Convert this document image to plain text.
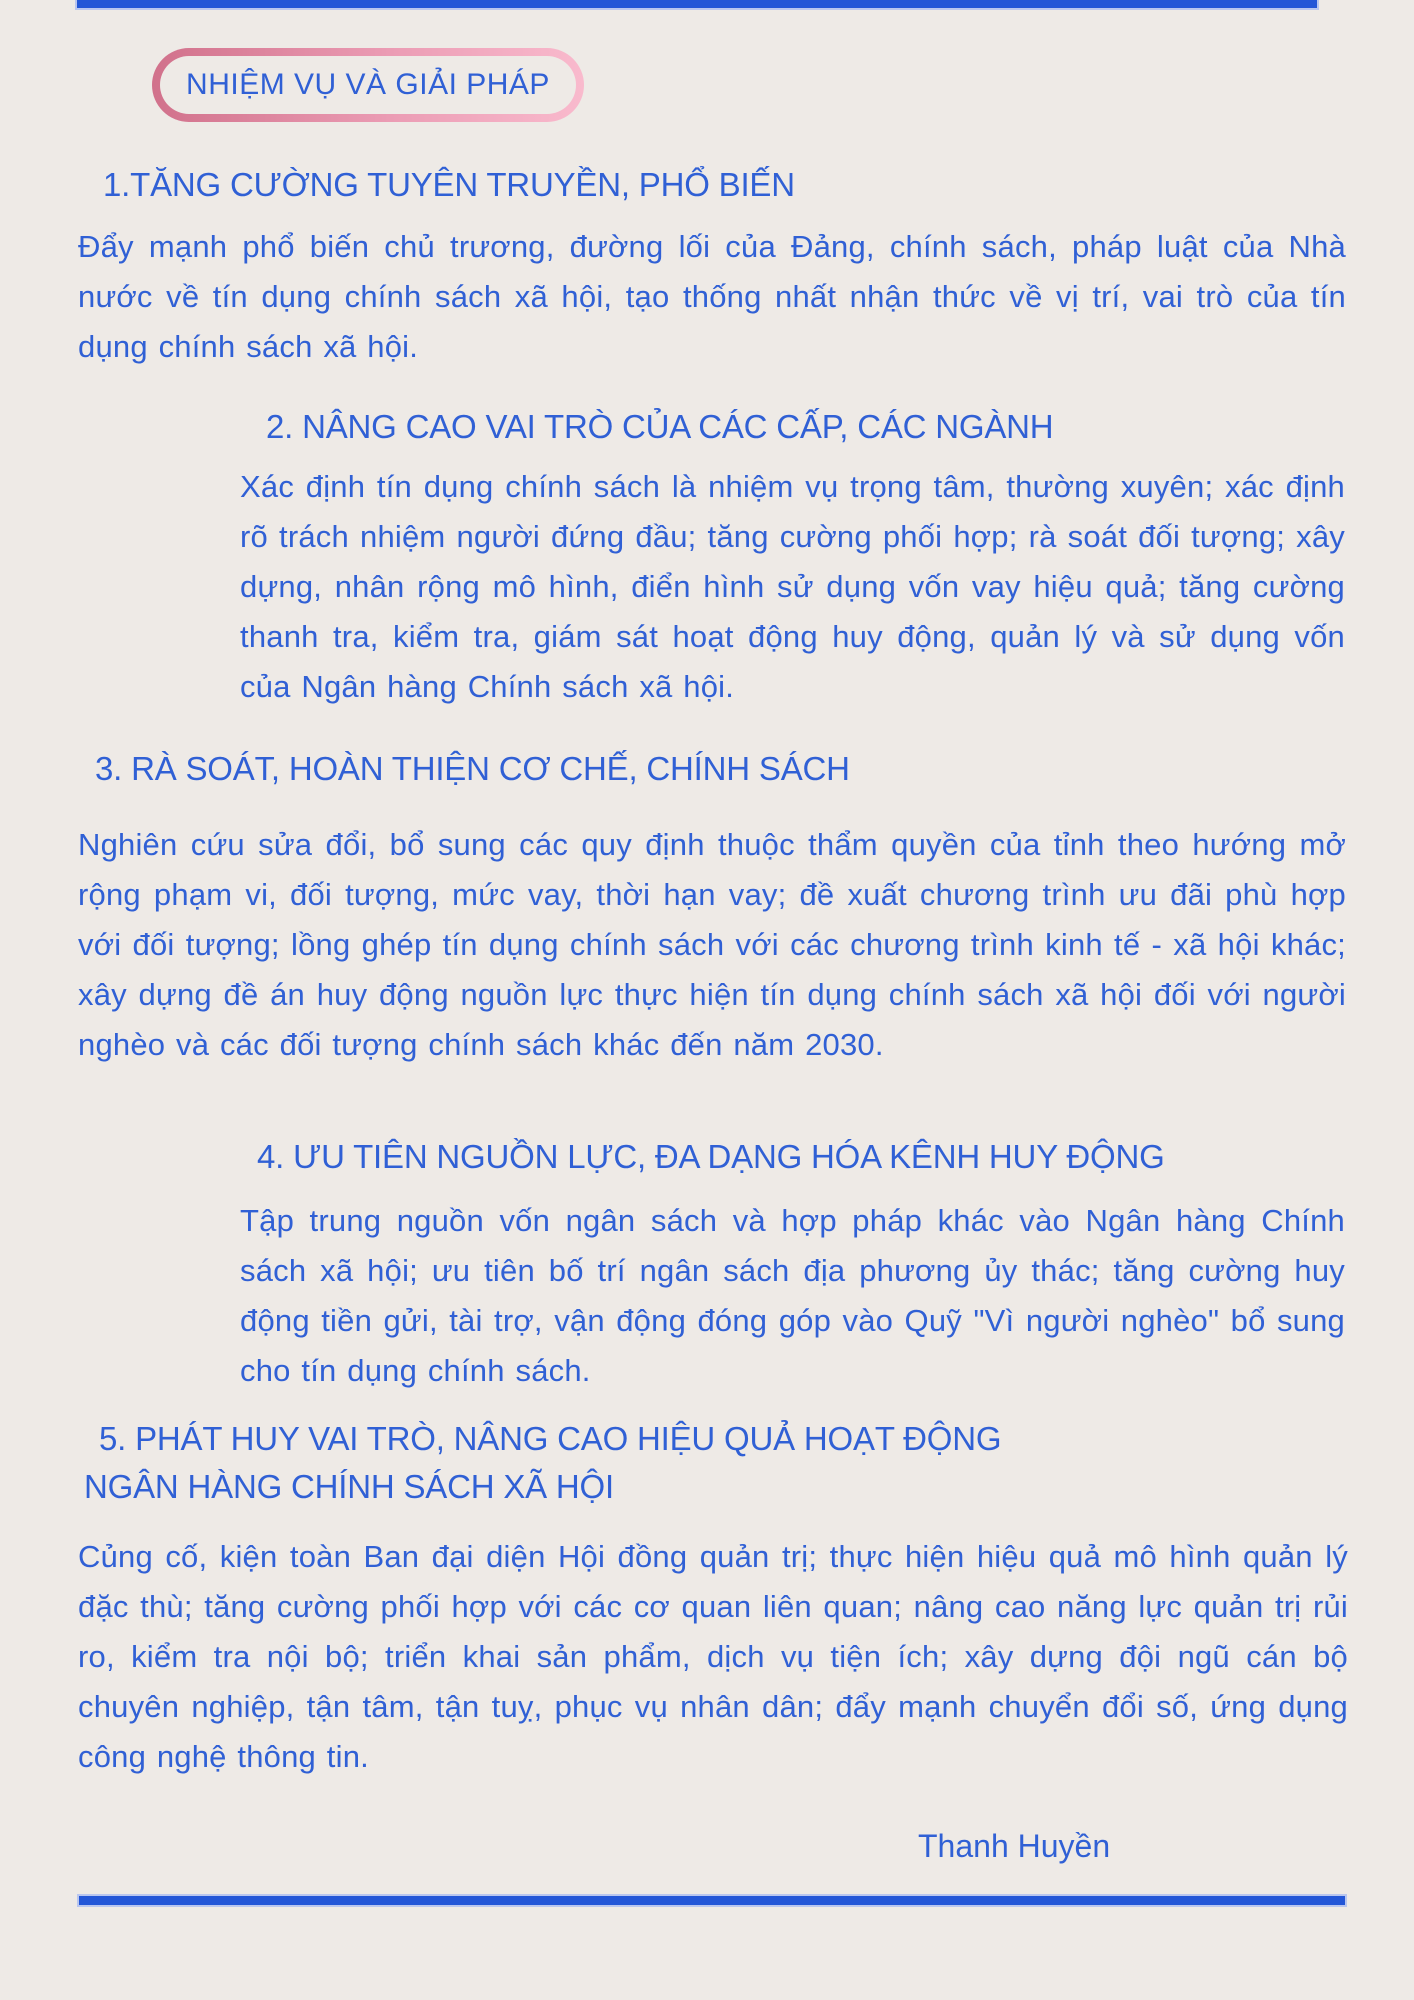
NHIỆM VỤ VÀ GIẢI PHÁP
1.TĂNG CƯỜNG TUYÊN TRUYỀN, PHỔ BIẾN

Đẩy mạnh phổ biến chủ trương, đường lối của Đảng, chính sách, pháp luật của Nhà nước về tín dụng chính sách xã hội, tạo thống nhất nhận thức về vị trí, vai trò của tín dụng chính sách xã hội.

2. NÂNG CAO VAI TRÒ CỦA CÁC CẤP, CÁC NGÀNH

Xác định tín dụng chính sách là nhiệm vụ trọng tâm, thường xuyên; xác định rõ trách nhiệm người đứng đầu; tăng cường phối hợp; rà soát đối tượng; xây dựng, nhân rộng mô hình, điển hình sử dụng vốn vay hiệu quả; tăng cường thanh tra, kiểm tra, giám sát hoạt động huy động, quản lý và sử dụng vốn của Ngân hàng Chính sách xã hội.

3. RÀ SOÁT, HOÀN THIỆN CƠ CHẾ, CHÍNH SÁCH

Nghiên cứu sửa đổi, bổ sung các quy định thuộc thẩm quyền của tỉnh theo hướng mở rộng phạm vi, đối tượng, mức vay, thời hạn vay; đề xuất chương trình ưu đãi phù hợp với đối tượng; lồng ghép tín dụng chính sách với các chương trình kinh tế - xã hội khác; xây dựng đề án huy động nguồn lực thực hiện tín dụng chính sách xã hội đối với người nghèo và các đối tượng chính sách khác đến năm 2030.

4. ƯU TIÊN NGUỒN LỰC, ĐA DẠNG HÓA KÊNH HUY ĐỘNG

Tập trung nguồn vốn ngân sách và hợp pháp khác vào Ngân hàng Chính sách xã hội; ưu tiên bố trí ngân sách địa phương ủy thác; tăng cường huy động tiền gửi, tài trợ, vận động đóng góp vào Quỹ "Vì người nghèo" bổ sung cho tín dụng chính sách.

5. PHÁT HUY VAI TRÒ, NÂNG CAO HIỆU QUẢ HOẠT ĐỘNG
NGÂN HÀNG CHÍNH SÁCH XÃ HỘI

Củng cố, kiện toàn Ban đại diện Hội đồng quản trị; thực hiện hiệu quả mô hình quản lý đặc thù; tăng cường phối hợp với các cơ quan liên quan; nâng cao năng lực quản trị rủi ro, kiểm tra nội bộ; triển khai sản phẩm, dịch vụ tiện ích; xây dựng đội ngũ cán bộ chuyên nghiệp, tận tâm, tận tuỵ, phục vụ nhân dân; đẩy mạnh chuyển đổi số, ứng dụng công nghệ thông tin.

Thanh Huyền
